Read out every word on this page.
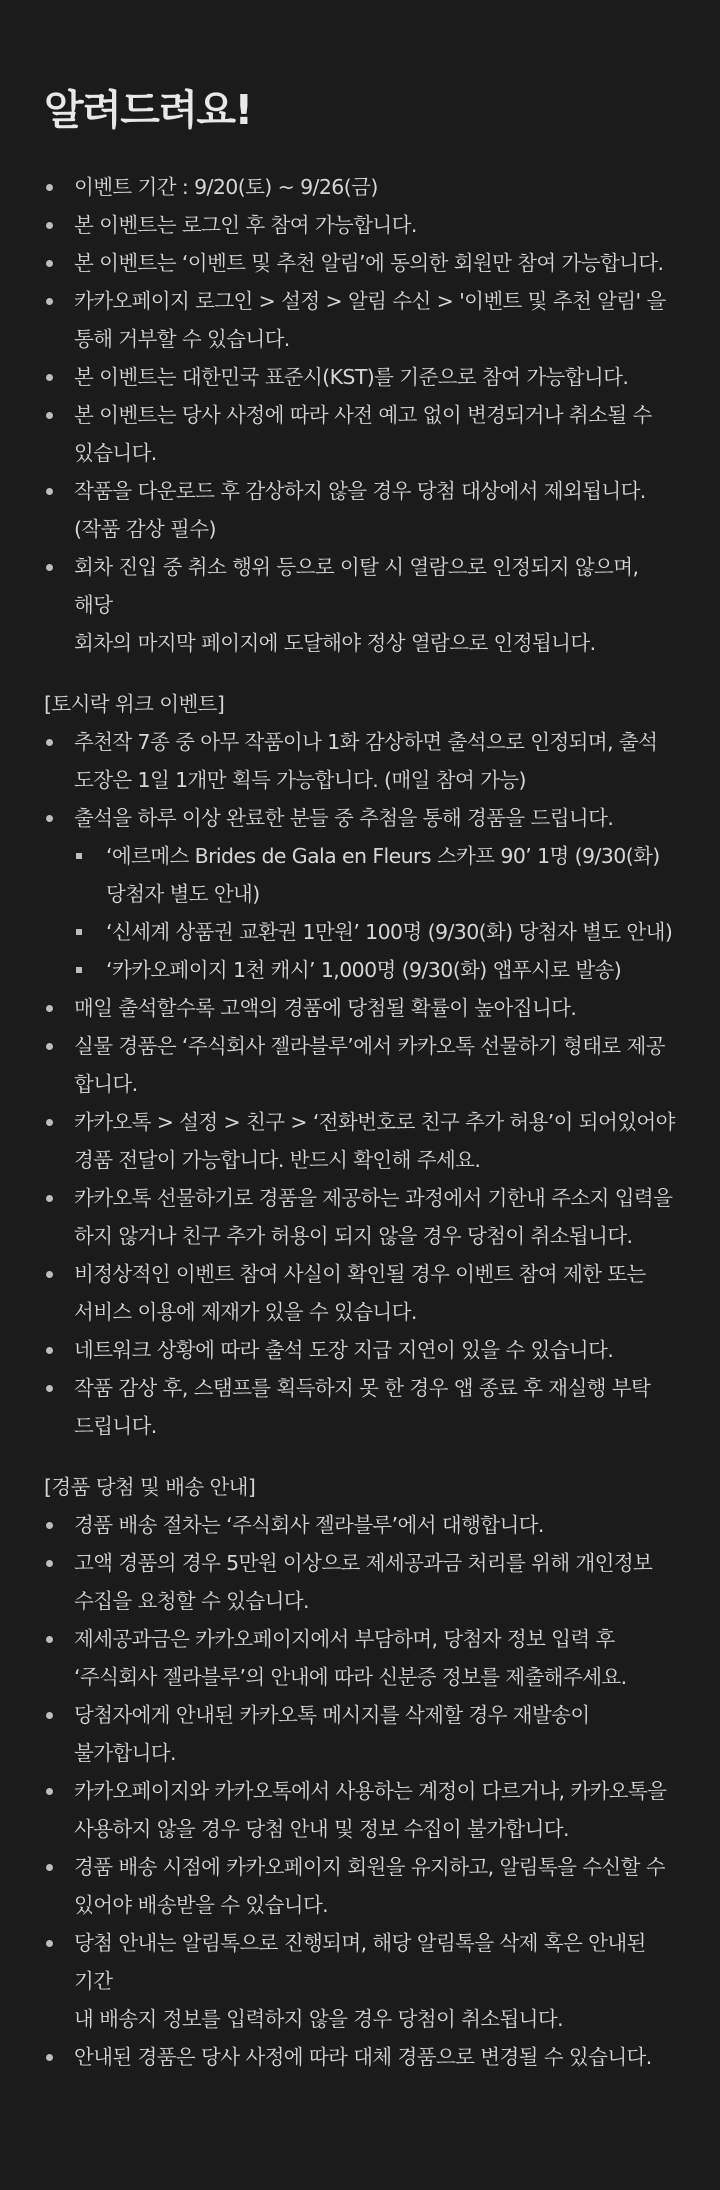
알려드려요!
이벤트 기간 : 9/20(토) ~ 9/26(금)
본 이벤트는 로그인 후 참여 가능합니다.
본 이벤트는 ‘이벤트 및 추천 알림’에 동의한 회원만 참여 가능합니다.
카카오페이지 로그인 > 설정 > 알림 수신 > '이벤트 및 추천 알림' 을
통해 거부할 수 있습니다.
본 이벤트는 대한민국 표준시(KST)를 기준으로 참여 가능합니다.
본 이벤트는 당사 사정에 따라 사전 예고 없이 변경되거나 취소될 수
있습니다.
작품을 다운로드 후 감상하지 않을 경우 당첨 대상에서 제외됩니다.
(작품 감상 필수)
회차 진입 중 취소 행위 등으로 이탈 시 열람으로 인정되지 않으며, 해당
회차의 마지막 페이지에 도달해야 정상 열람으로 인정됩니다.
[토시락 위크 이벤트]
추천작 7종 중 아무 작품이나 1화 감상하면 출석으로 인정되며, 출석
도장은 1일 1개만 획득 가능합니다. (매일 참여 가능)
출석을 하루 이상 완료한 분들 중 추첨을 통해 경품을 드립니다.
‘에르메스 Brides de Gala en Fleurs 스카프 90’ 1명 (9/30(화)
당첨자 별도 안내)
‘신세계 상품권 교환권 1만원’ 100명 (9/30(화) 당첨자 별도 안내)
‘카카오페이지 1천 캐시’ 1,000명 (9/30(화) 앱푸시로 발송)
매일 출석할수록 고액의 경품에 당첨될 확률이 높아집니다.
실물 경품은 ‘주식회사 젤라블루’에서 카카오톡 선물하기 형태로 제공
합니다.
카카오톡 > 설정 > 친구 > ‘전화번호로 친구 추가 허용’이 되어있어야
경품 전달이 가능합니다. 반드시 확인해 주세요.
카카오톡 선물하기로 경품을 제공하는 과정에서 기한내 주소지 입력을
하지 않거나 친구 추가 허용이 되지 않을 경우 당첨이 취소됩니다.
비정상적인 이벤트 참여 사실이 확인될 경우 이벤트 참여 제한 또는
서비스 이용에 제재가 있을 수 있습니다.
네트워크 상황에 따라 출석 도장 지급 지연이 있을 수 있습니다.
작품 감상 후, 스탬프를 획득하지 못 한 경우 앱 종료 후 재실행 부탁
드립니다.
[경품 당첨 및 배송 안내]
경품 배송 절차는 ‘주식회사 젤라블루’에서 대행합니다.
고액 경품의 경우 5만원 이상으로 제세공과금 처리를 위해 개인정보
수집을 요청할 수 있습니다.
제세공과금은 카카오페이지에서 부담하며, 당첨자 정보 입력 후
‘주식회사 젤라블루’의 안내에 따라 신분증 정보를 제출해주세요.
당첨자에게 안내된 카카오톡 메시지를 삭제할 경우 재발송이
불가합니다.
카카오페이지와 카카오톡에서 사용하는 계정이 다르거나, 카카오톡을
사용하지 않을 경우 당첨 안내 및 정보 수집이 불가합니다.
경품 배송 시점에 카카오페이지 회원을 유지하고, 알림톡을 수신할 수
있어야 배송받을 수 있습니다.
당첨 안내는 알림톡으로 진행되며, 해당 알림톡을 삭제 혹은 안내된 기간
내 배송지 정보를 입력하지 않을 경우 당첨이 취소됩니다.
안내된 경품은 당사 사정에 따라 대체 경품으로 변경될 수 있습니다.
